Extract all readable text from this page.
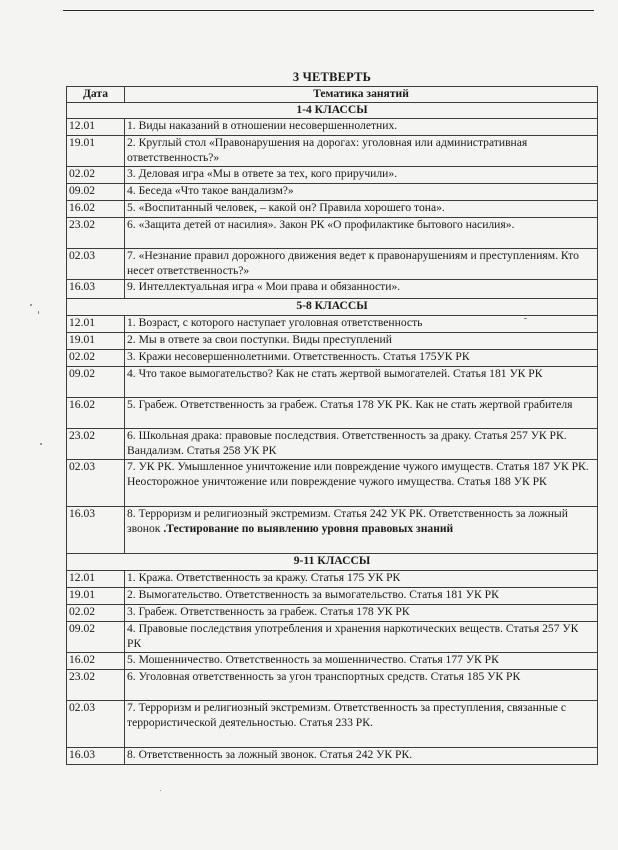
3 ЧЕТВЕРТЬ
Дата	Тематика занятий
1-4 КЛАССЫ	
12.01	1. Виды наказаний в отношении несовершеннолетних.
19.01	2. Круглый стол «Правонарушения на дорогах: уголовная или административная ответственность?»
02.02	3. Деловая игра «Мы в ответе за тех, кого приручили».
09.02	4. Беседа «Что такое вандализм?»
16.02	5. «Воспитанный человек, – какой он? Правила хорошего тона».
23.02	6. «Защита детей от насилия». Закон РК «О профилактике бытового насилия».
02.03	7. «Незнание правил дорожного движения ведет к правонарушениям и преступлениям. Кто несет ответственность?»
16.03	9. Интеллектуальная игра « Мои права и обязанности».
5-8 КЛАССЫ	
12.01	1. Возраст, с которого наступает уголовная ответственность
19.01	2. Мы в ответе за свои поступки. Виды преступлений
02.02	3. Кражи несовершеннолетними. Ответственность. Статья 175УК РК
09.02	4. Что такое вымогательство? Как не стать жертвой вымогателей. Статья 181 УК РК
16.02	5. Грабеж. Ответственность за грабеж. Статья 178 УК РК. Как не стать жертвой грабителя
23.02	6. Школьная драка: правовые последствия. Ответственность за драку. Статья 257 УК РК. Вандализм. Статья 258 УК РК
02.03	7. УК РК. Умышленное уничтожение или повреждение чужого имуществ. Статья 187 УК РК. Неосторожное уничтожение или повреждение чужого имущества. Статья 188 УК РК
16.03	8. Терроризм и религиозный экстремизм. Статья 242 УК РК. Ответственность за ложный звонок .Тестирование по выявлению уровня правовых знаний
9-11 КЛАССЫ	
12.01	1. Кража. Ответственность за кражу. Статья 175 УК РК
19.01	2. Вымогательство. Ответственность за вымогательство. Статья 181 УК РК
02.02	3. Грабеж. Ответственность за грабеж. Статья 178 УК РК
09.02	4. Правовые последствия употребления и хранения наркотических веществ. Статья 257 УК РК
16.02	5. Мошенничество. Ответственность за мошенничество. Статья 177 УК РК
23.02	6. Уголовная ответственность за угон транспортных средств. Статья 185 УК РК
02.03	7. Терроризм и религиозный экстремизм. Ответственность за преступления, связанные с террористической деятельностью. Статья 233 РК.
16.03	8. Ответственность за ложный звонок. Статья 242 УК РК.
